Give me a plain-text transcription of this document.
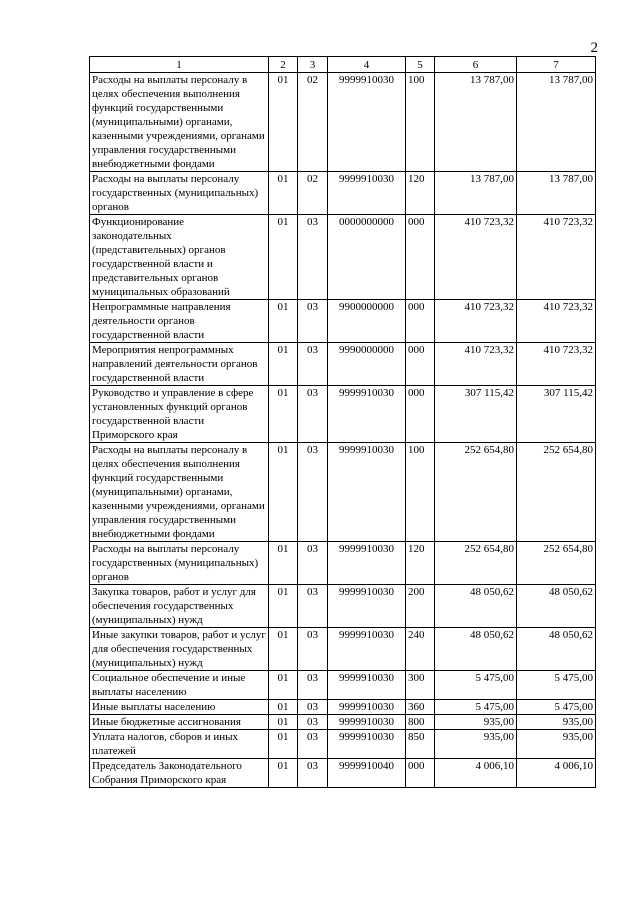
2
1	2	3	4	5	6	7
Расходы на выплаты персоналу в целях обеспечения выполнения функций государственными (муниципальными) органами, казенными учреждениями, органами управления государственными внебюджетными фондами	01	02	9999910030	100	13 787,00	13 787,00
Расходы на выплаты персоналу государственных (муниципальных) органов	01	02	9999910030	120	13 787,00	13 787,00
Функционирование законодательных (представительных) органов государственной власти и представительных органов муниципальных образований	01	03	0000000000	000	410 723,32	410 723,32
Непрограммные направления деятельности органов государственной власти	01	03	9900000000	000	410 723,32	410 723,32
Мероприятия непрограммных направлений деятельности органов государственной власти	01	03	9990000000	000	410 723,32	410 723,32
Руководство и управление в сфере установленных функций органов государственной власти Приморского края	01	03	9999910030	000	307 115,42	307 115,42
Расходы на выплаты персоналу в целях обеспечения выполнения функций государственными (муниципальными) органами, казенными учреждениями, органами управления государственными внебюджетными фондами	01	03	9999910030	100	252 654,80	252 654,80
Расходы на выплаты персоналу государственных (муниципальных) органов	01	03	9999910030	120	252 654,80	252 654,80
Закупка товаров, работ и услуг для обеспечения государственных (муниципальных) нужд	01	03	9999910030	200	48 050,62	48 050,62
Иные закупки товаров, работ и услуг для обеспечения государственных (муниципальных) нужд	01	03	9999910030	240	48 050,62	48 050,62
Социальное обеспечение и иные выплаты населению	01	03	9999910030	300	5 475,00	5 475,00
Иные выплаты населению	01	03	9999910030	360	5 475,00	5 475,00
Иные бюджетные ассигнования	01	03	9999910030	800	935,00	935,00
Уплата налогов, сборов и иных платежей	01	03	9999910030	850	935,00	935,00
Председатель Законодательного Собрания Приморского края	01	03	9999910040	000	4 006,10	4 006,10
